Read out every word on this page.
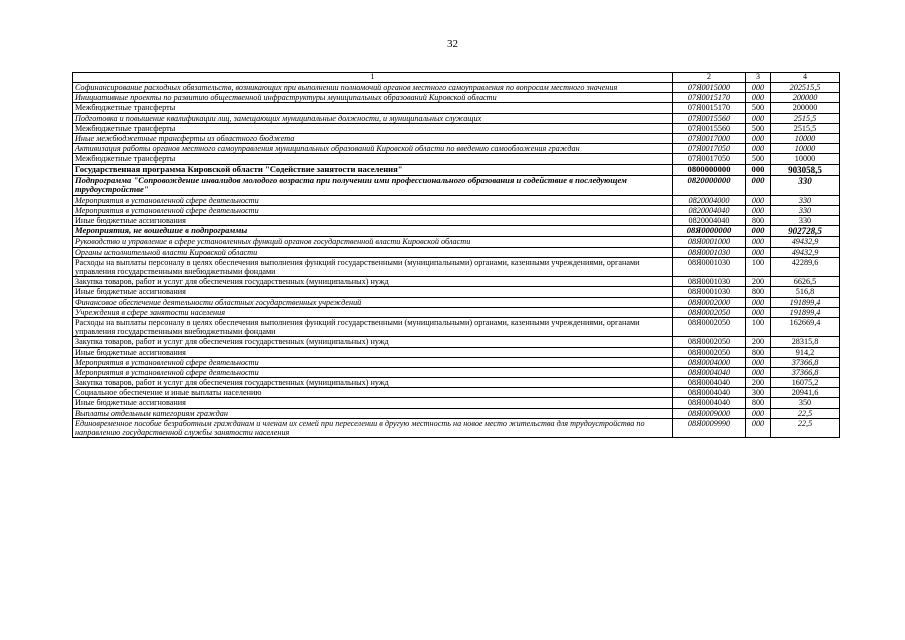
32
1	2	3	4
Софинансирование расходных обязательств, возникающих при выполнении полномочий органов местного самоуправления по вопросам местного значения	07Я0015000	000	202515,5
Инициативные проекты по развитию общественной инфраструктуры муниципальных образований Кировской области	07Я0015170	000	200000
Межбюджетные трансферты	07Я0015170	500	200000
Подготовка и повышение квалификации лиц, замещающих муниципальные должности, и муниципальных служащих	07Я0015560	000	2515,5
Межбюджетные трансферты	07Я0015560	500	2515,5
Иные межбюджетные трансферты из областного бюджета	07Я0017000	000	10000
Активизация работы органов местного самоуправления муниципальных образований Кировской области по введению самообложения граждан	07Я0017050	000	10000
Межбюджетные трансферты	07Я0017050	500	10000
Государственная программа Кировской области "Содействие занятости населения"	0800000000	000	903058,5
Подпрограмма "Сопровождение инвалидов молодого возраста при получении ими профессионального образования и содействие в последующем трудоустройстве"	0820000000	000	330
Мероприятия в установленной сфере деятельности	0820004000	000	330
Мероприятия в установленной сфере деятельности	0820004040	000	330
Иные бюджетные ассигнования	0820004040	800	330
Мероприятия, не вошедшие в подпрограммы	08Я0000000	000	902728,5
Руководство и управление в сфере установленных функций органов государственной власти Кировской области	08Я0001000	000	49432,9
Органы исполнительной власти Кировской области	08Я0001030	000	49432,9
Расходы на выплаты персоналу в целях обеспечения выполнения функций государственными (муниципальными) органами, казенными учреждениями, органами управления государственными внебюджетными фондами	08Я0001030	100	42289,6
Закупка товаров, работ и услуг для обеспечения государственных (муниципальных) нужд	08Я0001030	200	6626,5
Иные бюджетные ассигнования	08Я0001030	800	516,8
Финансовое обеспечение деятельности областных государственных учреждений	08Я0002000	000	191899,4
Учреждения в сфере занятости населения	08Я0002050	000	191899,4
Расходы на выплаты персоналу в целях обеспечения выполнения функций государственными (муниципальными) органами, казенными учреждениями, органами управления государственными внебюджетными фондами	08Я0002050	100	162669,4
Закупка товаров, работ и услуг для обеспечения государственных (муниципальных) нужд	08Я0002050	200	28315,8
Иные бюджетные ассигнования	08Я0002050	800	914,2
Мероприятия в установленной сфере деятельности	08Я0004000	000	37366,8
Мероприятия в установленной сфере деятельности	08Я0004040	000	37366,8
Закупка товаров, работ и услуг для обеспечения государственных (муниципальных) нужд	08Я0004040	200	16075,2
Социальное обеспечение и иные выплаты населению	08Я0004040	300	20941,6
Иные бюджетные ассигнования	08Я0004040	800	350
Выплаты отдельным категориям граждан	08Я0009000	000	22,5
Единовременное пособие безработным гражданам и членам их семей при переселении в другую местность на новое место жительства для трудоустройства по направлению государственной службы занятости населения	08Я0009990	000	22,5
